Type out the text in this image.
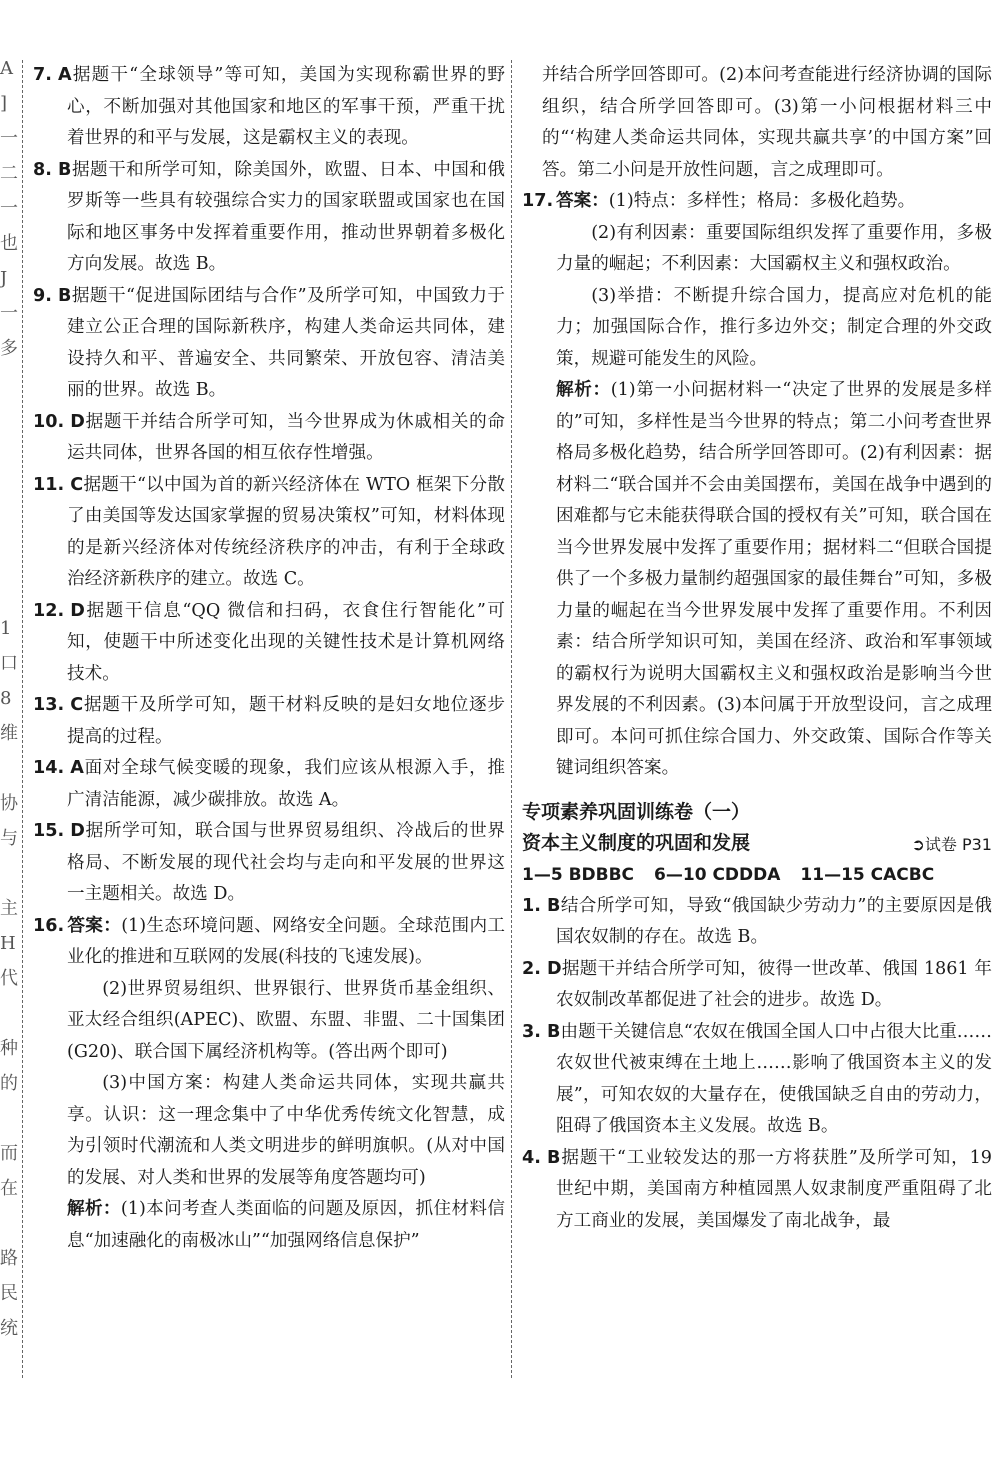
A
]
一
二
一
也
J
一
多
1
口
8
维
协
与
主
H
代
种
的
而
在
路
民
统

7. A据题干“全球领导”等可知，美国为实现称霸世界的野心，不断加强对其他国家和地区的军事干预，严重干扰着世界的和平与发展，这是霸权主义的表现。

8. B据题干和所学可知，除美国外，欧盟、日本、中国和俄罗斯等一些具有较强综合实力的国家联盟或国家也在国际和地区事务中发挥着重要作用，推动世界朝着多极化方向发展。故选 B。

9. B据题干“促进国际团结与合作”及所学可知，中国致力于建立公正合理的国际新秩序，构建人类命运共同体，建设持久和平、普遍安全、共同繁荣、开放包容、清洁美丽的世界。故选 B。

10. D据题干并结合所学可知，当今世界成为休戚相关的命运共同体，世界各国的相互依存性增强。

11. C据题干“以中国为首的新兴经济体在 WTO 框架下分散了由美国等发达国家掌握的贸易决策权”可知，材料体现的是新兴经济体对传统经济秩序的冲击，有利于全球政治经济新秩序的建立。故选 C。

12. D据题干信息“QQ 微信和扫码，衣食住行智能化”可知，使题干中所述变化出现的关键性技术是计算机网络技术。

13. C据题干及所学可知，题干材料反映的是妇女地位逐步提高的过程。

14. A面对全球气候变暖的现象，我们应该从根源入手，推广清洁能源，减少碳排放。故选 A。

15. D据所学可知，联合国与世界贸易组织、冷战后的世界格局、不断发展的现代社会均与走向和平发展的世界这一主题相关。故选 D。

16. 答案：(1)生态环境问题、网络安全问题。全球范围内工业化的推进和互联网的发展(科技的飞速发展)。

(2)世界贸易组织、世界银行、世界货币基金组织、亚太经合组织(APEC)、欧盟、东盟、非盟、二十国集团(G20)、联合国下属经济机构等。(答出两个即可)

(3)中国方案：构建人类命运共同体，实现共赢共享。认识：这一理念集中了中华优秀传统文化智慧，成为引领时代潮流和人类文明进步的鲜明旗帜。(从对中国的发展、对人类和世界的发展等角度答题均可)

解析：(1)本问考查人类面临的问题及原因，抓住材料信息“加速融化的南极冰山”“加强网络信息保护”

并结合所学回答即可。(2)本问考查能进行经济协调的国际组织，结合所学回答即可。(3)第一小问根据材料三中的“‘构建人类命运共同体，实现共赢共享’的中国方案”回答。第二小问是开放性问题，言之成理即可。

17. 答案：(1)特点：多样性；格局：多极化趋势。

(2)有利因素：重要国际组织发挥了重要作用，多极力量的崛起；不利因素：大国霸权主义和强权政治。

(3)举措：不断提升综合国力，提高应对危机的能力；加强国际合作，推行多边外交；制定合理的外交政策，规避可能发生的风险。

解析：(1)第一小问据材料一“决定了世界的发展是多样的”可知，多样性是当今世界的特点；第二小问考查世界格局多极化趋势，结合所学回答即可。(2)有利因素：据材料二“联合国并不会由美国摆布，美国在战争中遇到的困难都与它未能获得联合国的授权有关”可知，联合国在当今世界发展中发挥了重要作用；据材料二“但联合国提供了一个多极力量制约超强国家的最佳舞台”可知，多极力量的崛起在当今世界发展中发挥了重要作用。不利因素：结合所学知识可知，美国在经济、政治和军事领域的霸权行为说明大国霸权主义和强权政治是影响当今世界发展的不利因素。(3)本问属于开放型设问，言之成理即可。本问可抓住综合国力、外交政策、国际合作等关键词组织答案。

专项素养巩固训练卷（一）

资本主义制度的巩固和发展	➲试卷 P31

1—5 BDBBC 6—10 CDDDA 11—15 CACBC

1. B结合所学可知，导致“俄国缺少劳动力”的主要原因是俄国农奴制的存在。故选 B。

2. D据题干并结合所学可知，彼得一世改革、俄国 1861 年农奴制改革都促进了社会的进步。故选 D。

3. B由题干关键信息“农奴在俄国全国人口中占很大比重……农奴世代被束缚在土地上……影响了俄国资本主义的发展”，可知农奴的大量存在，使俄国缺乏自由的劳动力，阻碍了俄国资本主义发展。故选 B。

4. B据题干“工业较发达的那一方将获胜”及所学可知，19 世纪中期，美国南方种植园黑人奴隶制度严重阻碍了北方工商业的发展，美国爆发了南北战争，最
